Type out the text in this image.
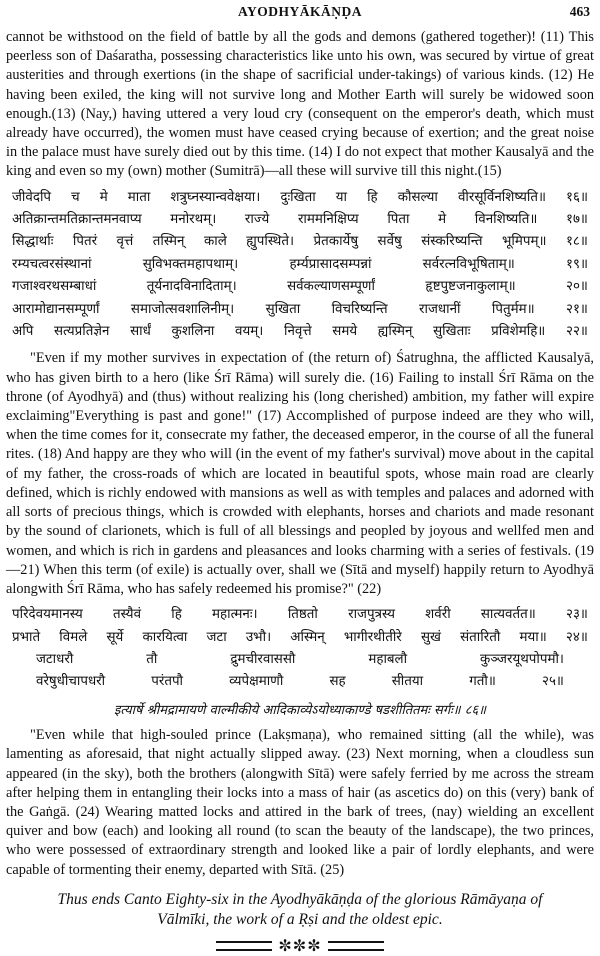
AYODHYĀKĀṆḌA	463

cannot be withstood on the field of battle by all the gods and demons (gathered together)! (11) This peerless son of Daśaratha, possessing characteristics like unto his own, was secured by virtue of great austerities and through exertions (in the shape of sacrificial under-takings) of various kinds. (12) He having been exiled, the king will not survive long and Mother Earth will surely be widowed soon enough.(13) (Nay,) having uttered a very loud cry (consequent on the emperor's death, which must already have occurred), the women must have ceased crying because of exertion; and the great noise in the palace must have surely died out by this time. (14) I do not expect that mother Kausalyā and the king and even so my (own) mother (Sumitrā)—all these will survive till this night.(15)

जीवेदपि च मे माता शत्रुघ्नस्यान्ववेक्षया। दुःखिता या हि कौसल्या वीरसूर्विनशिष्यति॥ १६॥
अतिक्रान्तमतिक्रान्तमनवाप्य मनोरथम्। राज्ये राममनिक्षिप्य पिता मे विनशिष्यति॥ १७॥
सिद्धार्थाः पितरं वृत्तं तस्मिन् काले ह्युपस्थिते। प्रेतकार्येषु सर्वेषु संस्करिष्यन्ति भूमिपम्॥ १८॥
रम्यचत्वरसंस्थानां	सुविभक्तमहापथाम्।	हर्म्यप्रासादसम्पन्नां	सर्वरत्नविभूषिताम्॥	१९॥
गजाश्वरथसम्बाधां	तूर्यनादविनादिताम्।	सर्वकल्याणसम्पूर्णां	हृष्टपुष्टजनाकुलाम्॥	२०॥
आरामोद्यानसम्पूर्णां समाजोत्सवशालिनीम्। सुखिता विचरिष्यन्ति राजधानीं पितुर्मम॥ २१॥
अपि सत्यप्रतिज्ञेन सार्धं कुशलिना वयम्। निवृत्ते समये ह्यस्मिन् सुखिताः प्रविशेमहि॥ २२॥

"Even if my mother survives in expectation of (the return of) Śatrughna, the afflicted Kausalyā, who has given birth to a hero (like Śrī Rāma) will surely die. (16) Failing to install Śrī Rāma on the throne (of Ayodhyā) and (thus) without realizing his (long cherished) ambition, my father will expire exclaiming"Everything is past and gone!" (17) Accomplished of purpose indeed are they who will, when the time comes for it, consecrate my father, the deceased emperor, in the course of all the funeral rites. (18) And happy are they who will (in the event of my father's survival) move about in the capital of my father, the cross-roads of which are located in beautiful spots, whose main road are clearly defined, which is richly endowed with mansions as well as with temples and palaces and adorned with all sorts of precious things, which is crowded with elephants, horses and chariots and made resonant by the sound of clarionets, which is full of all blessings and peopled by joyous and wellfed men and women, and which is rich in gardens and pleasances and looks charming with a series of festivals. (19—21) When this term (of exile) is actually over, shall we (Sītā and myself) happily return to Ayodhyā alongwith Śrī Rāma, who has safely redeemed his promise?" (22)

परिदेवयमानस्य तस्यैवं हि महात्मनः। तिष्ठतो राजपुत्रस्य शर्वरी सात्यवर्तत॥ २३॥
प्रभाते विमले सूर्ये कारयित्वा जटा उभौ। अस्मिन् भागीरथीतीरे सुखं संतारितौ मया॥ २४॥
जटाधरौ	तौ	द्रुमचीरवाससौ	महाबलौ	कुञ्जरयूथपोपमौ।
वरेषुधीचापधरौ	परंतपौ	व्यपेक्षमाणौ	सह	सीतया	गतौ॥	२५॥
इत्यार्षे श्रीमद्रामायणे वाल्मीकीये आदिकाव्येऽयोध्याकाण्डे षडशीतितमः सर्गः॥ ८६॥

"Even while that high-souled prince (Lakṣmaṇa), who remained sitting (all the while), was lamenting as aforesaid, that night actually slipped away. (23) Next morning, when a cloudless sun appeared (in the sky), both the brothers (alongwith Sītā) were safely ferried by me across the stream after helping them in entangling their locks into a mass of hair (as ascetics do) on this (very) bank of the Gaṅgā. (24) Wearing matted locks and attired in the bark of trees, (nay) wielding an excellent quiver and bow (each) and looking all round (to scan the beauty of the landscape), the two princes, who were possessed of extraordinary strength and looked like a pair of lordly elephants, and were capable of tormenting their enemy, departed with Sītā. (25)

Thus ends Canto Eighty-six in the Ayodhyākāṇḍa of the glorious Rāmāyaṇa of
Vālmīki, the work of a Ṛṣi and the oldest epic.
✼✼✼
